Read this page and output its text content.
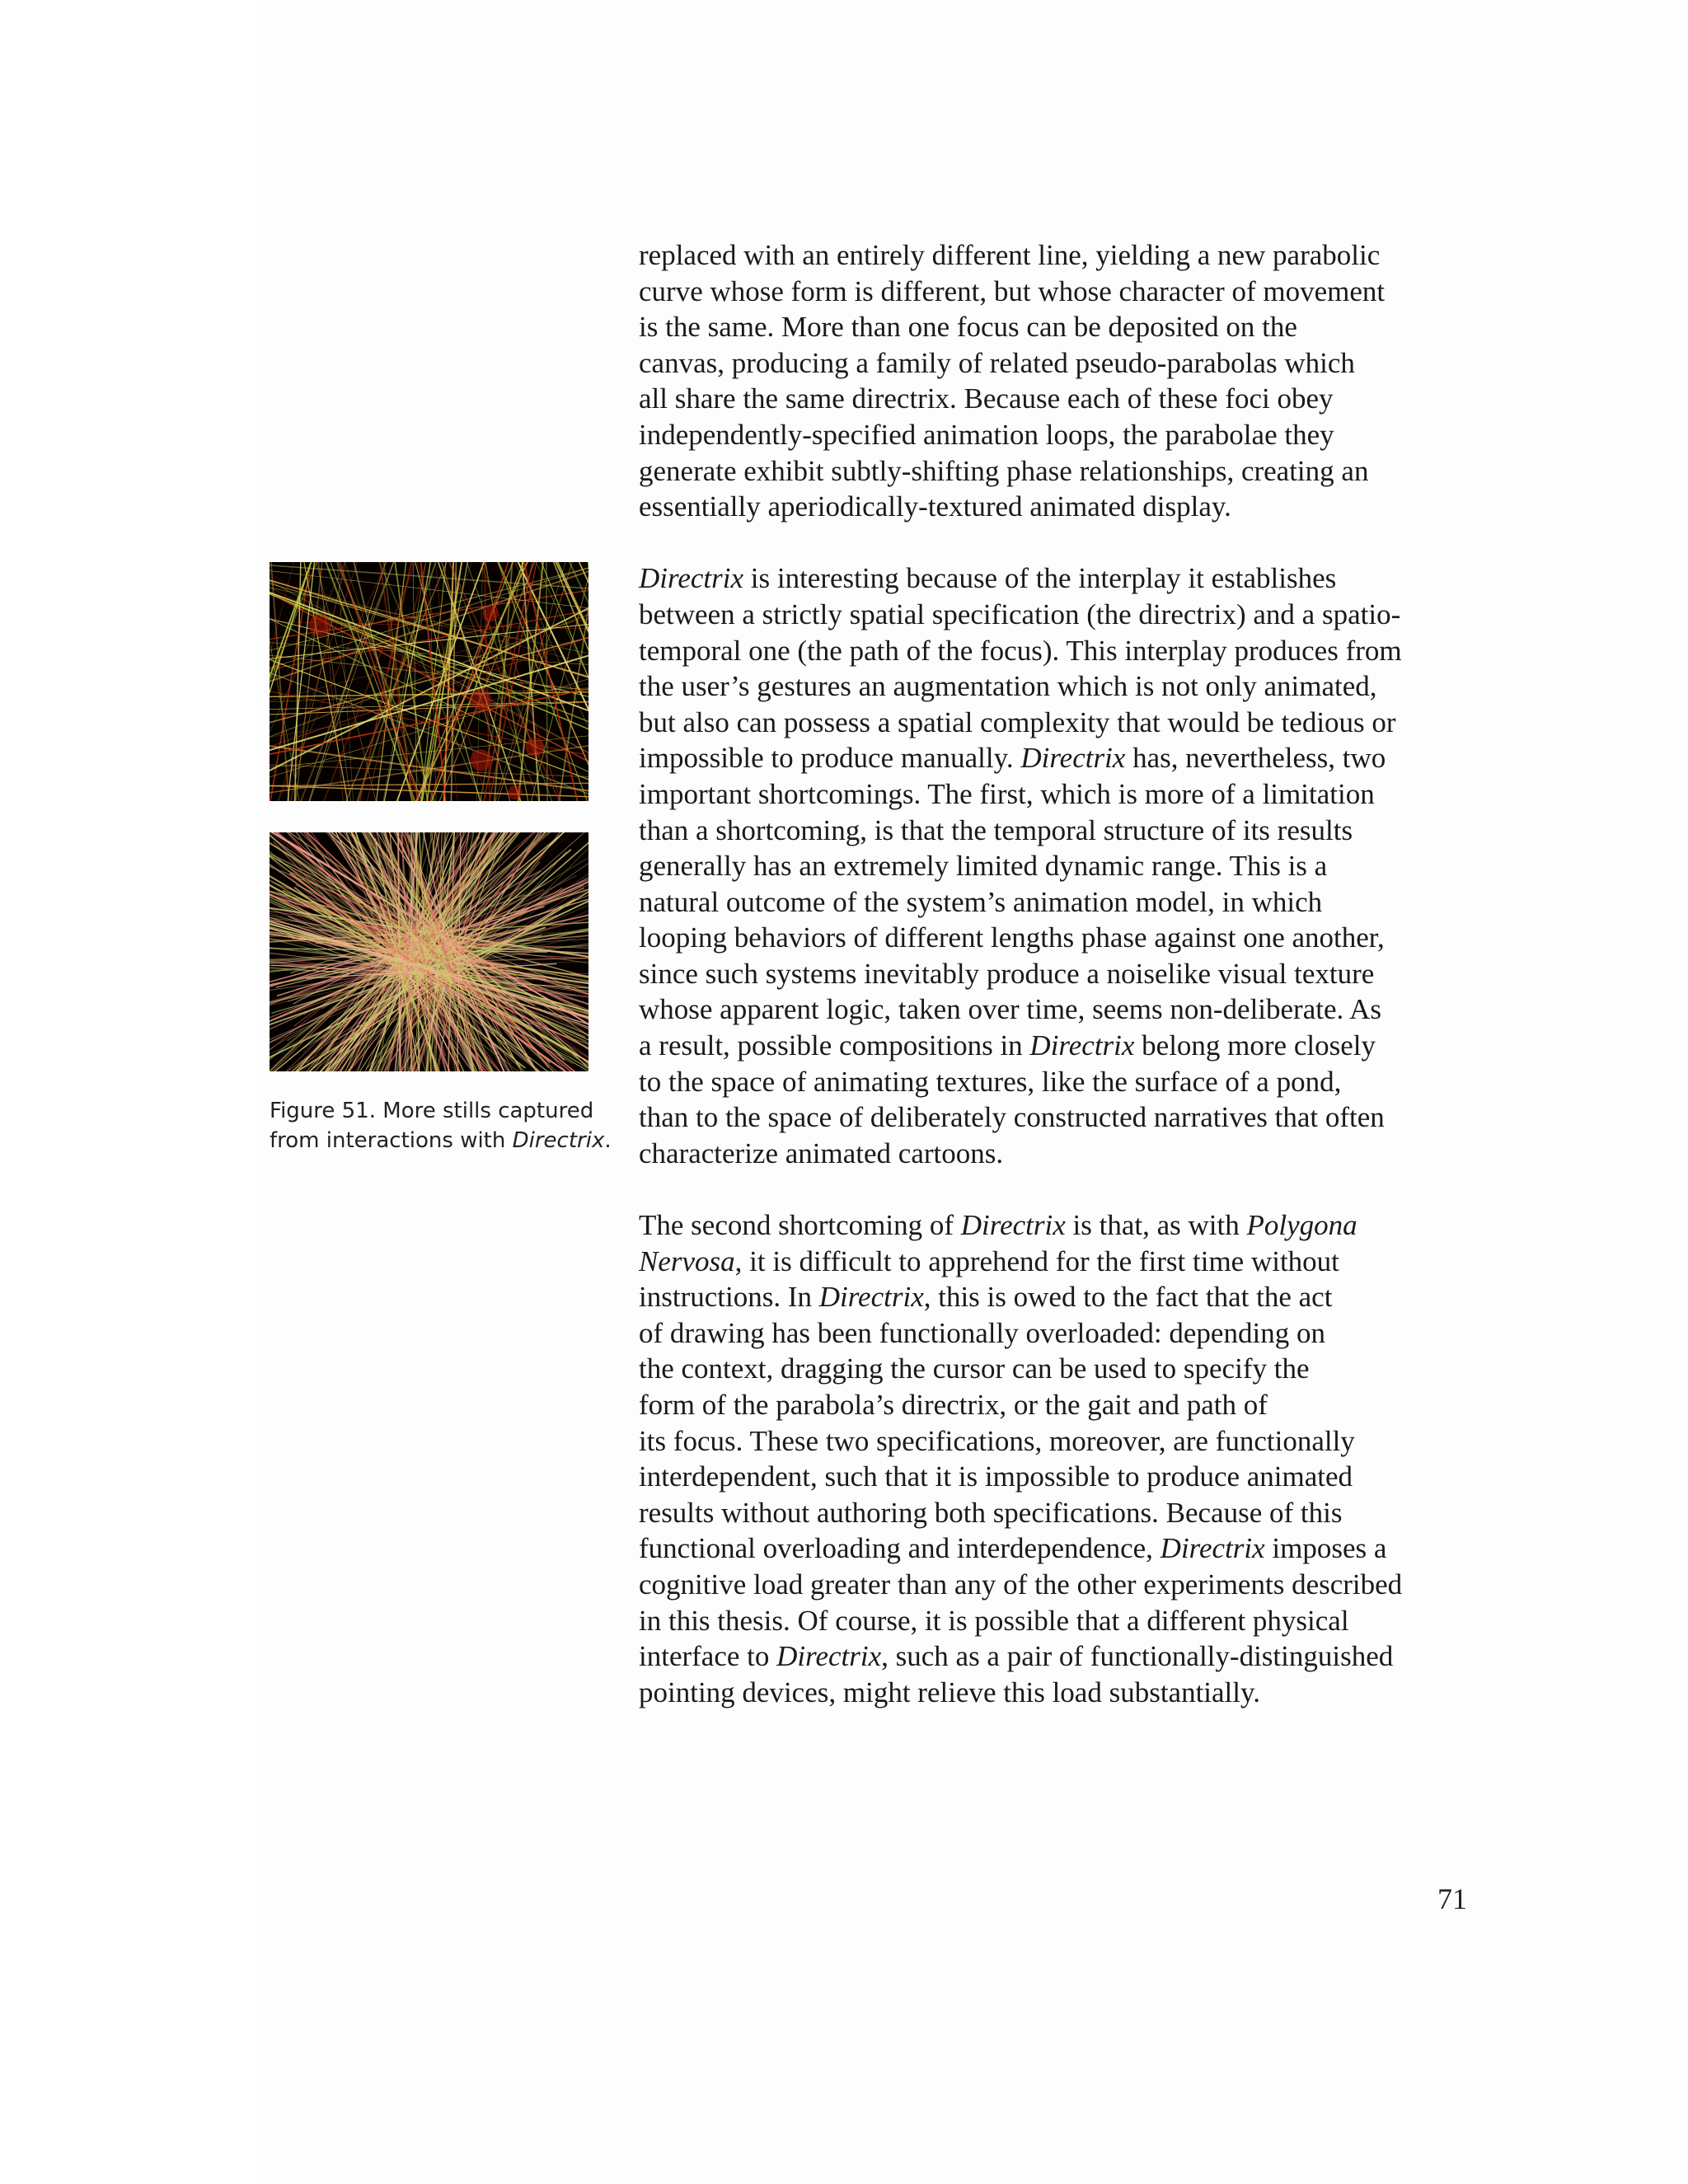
replaced with an entirely different line, yielding a new parabolic
curve whose form is different, but whose character of movement
is the same. More than one focus can be deposited on the
canvas, producing a family of related pseudo-parabolas which
all share the same directrix. Because each of these foci obey
independently-specified animation loops, the parabolae they
generate exhibit subtly-shifting phase relationships, creating an
essentially aperiodically-textured animated display.
Directrix is interesting because of the interplay it establishes
between a strictly spatial specification (the directrix) and a spatio-
temporal one (the path of the focus). This interplay produces from
the user’s gestures an augmentation which is not only animated,
but also can possess a spatial complexity that would be tedious or
impossible to produce manually. Directrix has, nevertheless, two
important shortcomings. The first, which is more of a limitation
than a shortcoming, is that the temporal structure of its results
generally has an extremely limited dynamic range. This is a
natural outcome of the system’s animation model, in which
looping behaviors of different lengths phase against one another,
since such systems inevitably produce a noiselike visual texture
whose apparent logic, taken over time, seems non-deliberate. As
a result, possible compositions in Directrix belong more closely
to the space of animating textures, like the surface of a pond,
than to the space of deliberately constructed narratives that often
characterize animated cartoons.
The second shortcoming of Directrix is that, as with Polygona
Nervosa, it is difficult to apprehend for the first time without
instructions. In Directrix, this is owed to the fact that the act
of drawing has been functionally overloaded: depending on
the context, dragging the cursor can be used to specify the
form of the parabola’s directrix, or the gait and path of
its focus. These two specifications, moreover, are functionally
interdependent, such that it is impossible to produce animated
results without authoring both specifications. Because of this
functional overloading and interdependence, Directrix imposes a
cognitive load greater than any of the other experiments described
in this thesis. Of course, it is possible that a different physical
interface to Directrix, such as a pair of functionally-distinguished
pointing devices, might relieve this load substantially.
Figure 51. More stills captured
from interactions with Directrix.
71
